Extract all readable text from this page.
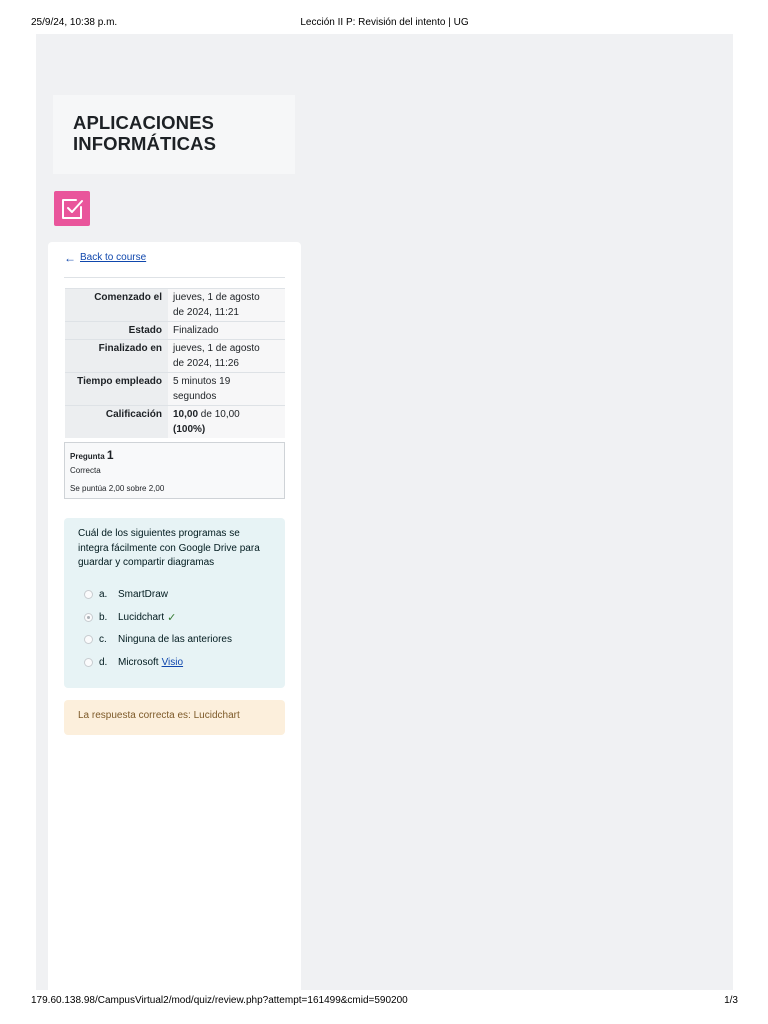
25/9/24, 10:38 p.m.	Lección II P: Revisión del intento | UG
APLICACIONES
INFORMÁTICAS
← Back to course
Comenzado el	jueves, 1 de agosto
de 2024, 11:21

Estado	Finalizado

Finalizado en	jueves, 1 de agosto
de 2024, 11:26

Tiempo empleado	5 minutos 19
segundos

Calificación	10,00 de 10,00
(100%)
Pregunta 1
Correcta
Se puntúa 2,00 sobre 2,00
Cuál de los siguientes programas se
integra fácilmente con Google Drive para
guardar y compartir diagramas
a.	SmartDraw
b.	Lucidchart ✓
c.	Ninguna de las anteriores
d.	Microsoft Visio
La respuesta correcta es: Lucidchart
179.60.138.98/CampusVirtual2/mod/quiz/review.php?attempt=161499&cmid=590200	1/3
